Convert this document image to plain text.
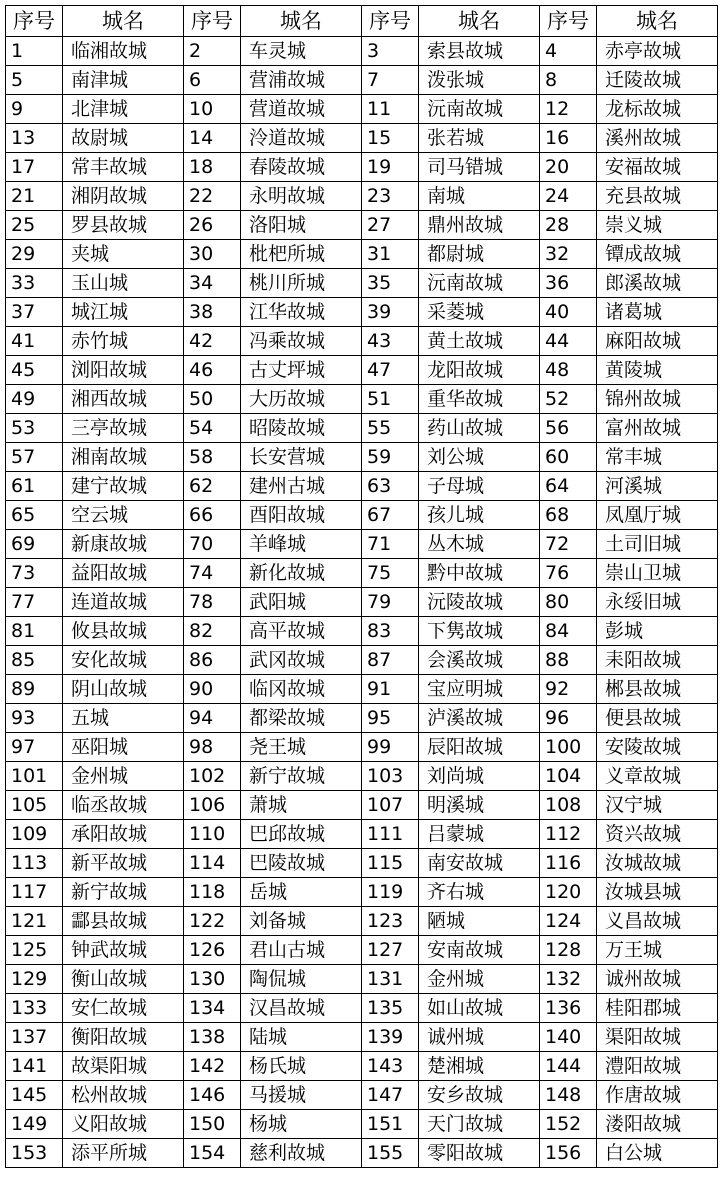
序号	城名	序号	城名	序号	城名	序号	城名
1	临湘故城	2	车灵城	3	索县故城	4	赤亭故城
5	南津城	6	营浦故城	7	泼张城	8	迁陵故城
9	北津城	10	营道故城	11	沅南故城	12	龙标故城
13	故尉城	14	泠道故城	15	张若城	16	溪州故城
17	常丰故城	18	春陵故城	19	司马错城	20	安福故城
21	湘阴故城	22	永明故城	23	南城	24	充县故城
25	罗县故城	26	洛阳城	27	鼎州故城	28	崇义城
29	夹城	30	枇杷所城	31	都尉城	32	镡成故城
33	玉山城	34	桃川所城	35	沅南故城	36	郎溪故城
37	城江城	38	江华故城	39	采菱城	40	诸葛城
41	赤竹城	42	冯乘故城	43	黄土故城	44	麻阳故城
45	浏阳故城	46	古丈坪城	47	龙阳故城	48	黄陵城
49	湘西故城	50	大历故城	51	重华故城	52	锦州故城
53	三亭故城	54	昭陵故城	55	药山故城	56	富州故城
57	湘南故城	58	长安营城	59	刘公城	60	常丰城
61	建宁故城	62	建州古城	63	子母城	64	河溪城
65	空云城	66	酉阳故城	67	孩儿城	68	凤凰厅城
69	新康故城	70	羊峰城	71	丛木城	72	土司旧城
73	益阳故城	74	新化故城	75	黔中故城	76	崇山卫城
77	连道故城	78	武阳城	79	沅陵故城	80	永绥旧城
81	攸县故城	82	高平故城	83	下隽故城	84	彭城
85	安化故城	86	武冈故城	87	会溪故城	88	耒阳故城
89	阴山故城	90	临冈故城	91	宝应明城	92	郴县故城
93	五城	94	都梁故城	95	泸溪故城	96	便县故城
97	巫阳城	98	尧王城	99	辰阳故城	100	安陵故城
101	金州城	102	新宁故城	103	刘尚城	104	义章故城
105	临丞故城	106	萧城	107	明溪城	108	汉宁城
109	承阳故城	110	巴邱故城	111	吕蒙城	112	资兴故城
113	新平故城	114	巴陵故城	115	南安故城	116	汝城故城
117	新宁故城	118	岳城	119	齐右城	120	汝城县城
121	酃县故城	122	刘备城	123	陋城	124	义昌故城
125	钟武故城	126	君山古城	127	安南故城	128	万王城
129	衡山故城	130	陶侃城	131	金州城	132	诚州故城
133	安仁故城	134	汉昌故城	135	如山故城	136	桂阳郡城
137	衡阳故城	138	陆城	139	诚州城	140	渠阳故城
141	故渠阳城	142	杨氏城	143	楚湘城	144	澧阳故城
145	松州故城	146	马援城	147	安乡故城	148	作唐故城
149	义阳故城	150	杨城	151	天门故城	152	溇阳故城
153	添平所城	154	慈利故城	155	零阳故城	156	白公城
